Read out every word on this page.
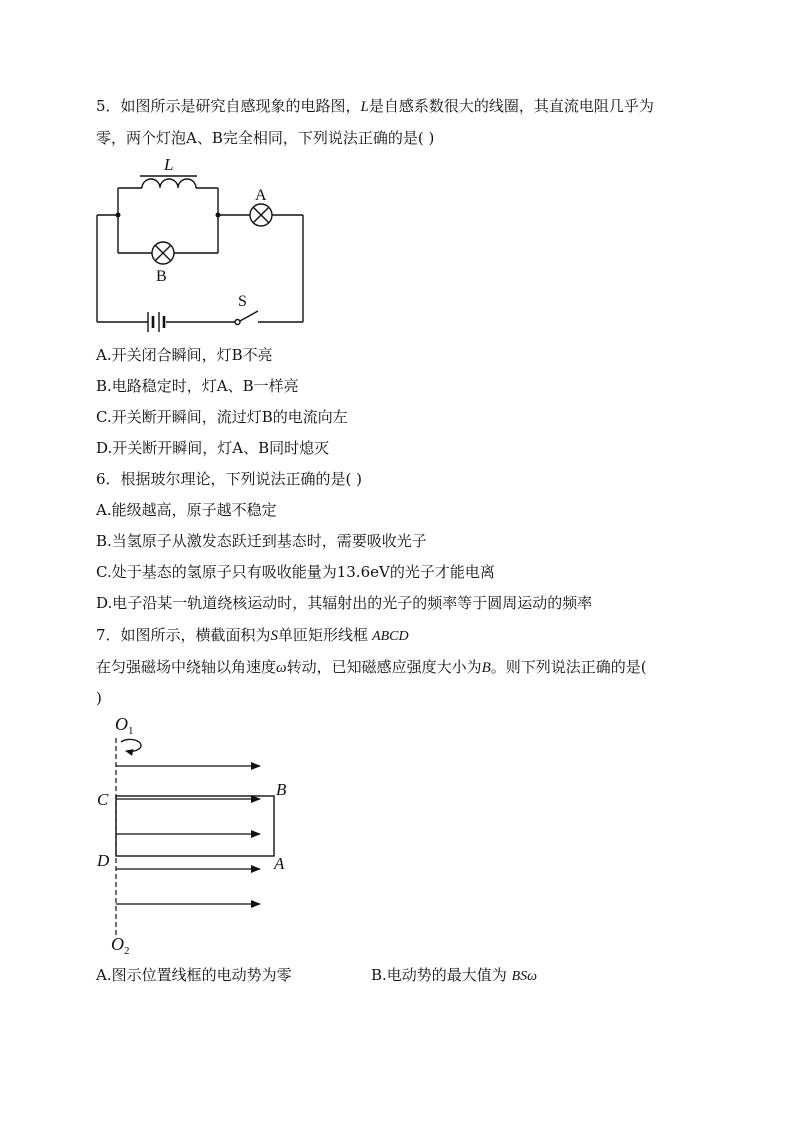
5．如图所示是研究自感现象的电路图，L是自感系数很大的线圈，其直流电阻几乎为
零，两个灯泡A、B完全相同，下列说法正确的是( )
L
A
B
S
A.开关闭合瞬间，灯B不亮
B.电路稳定时，灯A、B一样亮
C.开关断开瞬间，流过灯B的电流向左
D.开关断开瞬间，灯A、B同时熄灭
6．根据玻尔理论，下列说法正确的是( )
A.能级越高，原子越不稳定
B.当氢原子从激发态跃迁到基态时，需要吸收光子
C.处于基态的氢原子只有吸收能量为13.6eV的光子才能电离
D.电子沿某一轨道绕核运动时，其辐射出的光子的频率等于圆周运动的频率
7．如图所示，横截面积为S单匝矩形线框 ABCD
在匀强磁场中绕轴以角速度ω转动，已知磁感应强度大小为B。则下列说法正确的是(
)
$O_1$
$O_2$
C
D
B
A
A.图示位置线框的电动势为零	B.电动势的最大值为 BSω
